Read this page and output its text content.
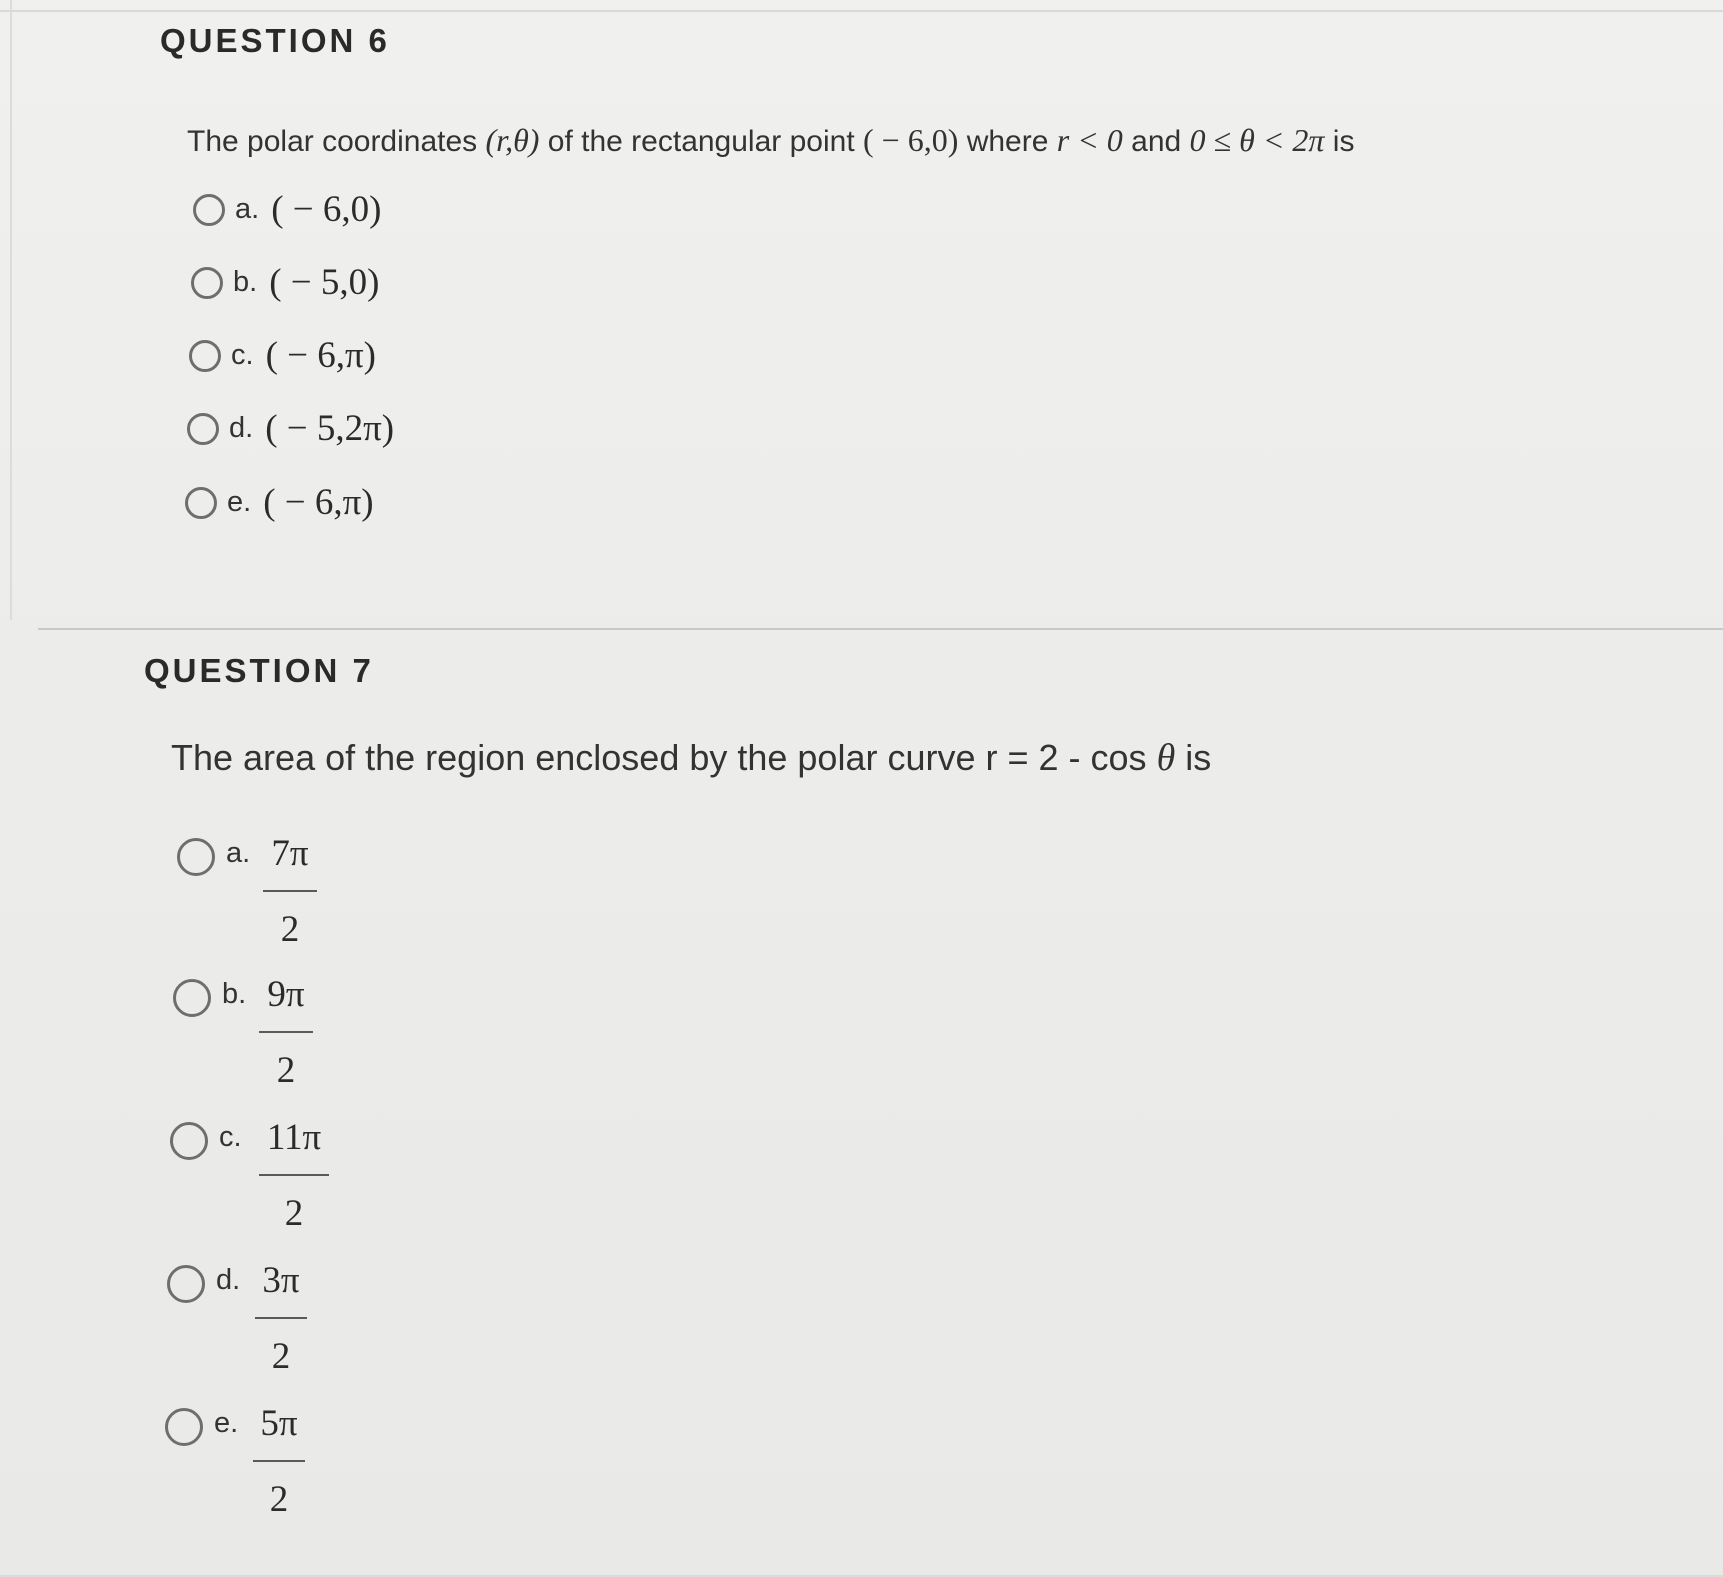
QUESTION 6
The polar coordinates (r,θ) of the rectangular point ( − 6,0) where r < 0 and 0 ≤ θ < 2π is
a. ( − 6,0)
b. ( − 5,0)
c. ( − 6,π)
d. ( − 5,2π)
e. ( − 6,π)
QUESTION 7
The area of the region enclosed by the polar curve r = 2 - cos θ is
a. 7π
2
b. 9π
2
c. 11π
2
d. 3π
2
e. 5π
2
